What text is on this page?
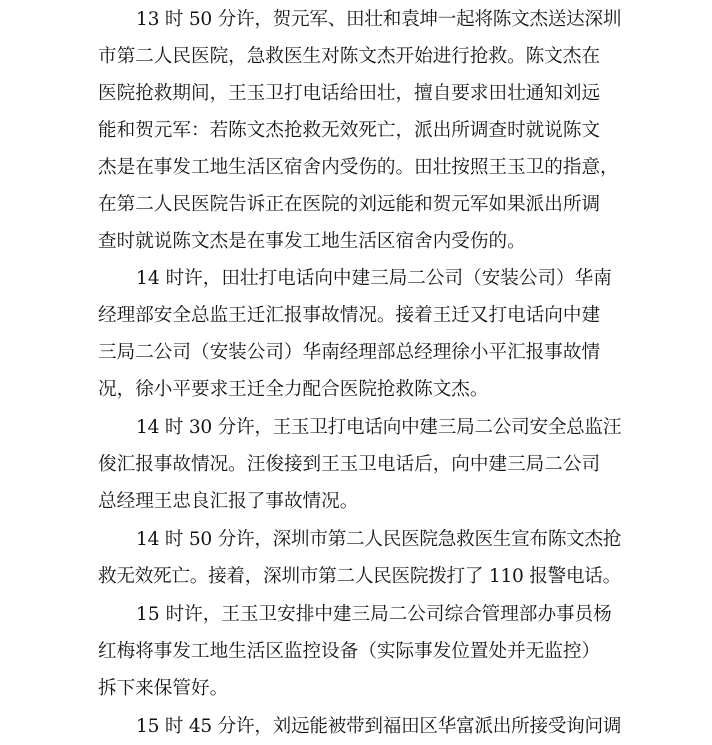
13 时 50 分许，贺元军、田壮和袁坤一起将陈文杰送达深圳
市第二人民医院，急救医生对陈文杰开始进行抢救。陈文杰在
医院抢救期间，王玉卫打电话给田壮，擅自要求田壮通知刘远
能和贺元军：若陈文杰抢救无效死亡，派出所调查时就说陈文
杰是在事发工地生活区宿舍内受伤的。田壮按照王玉卫的指意，
在第二人民医院告诉正在医院的刘远能和贺元军如果派出所调
查时就说陈文杰是在事发工地生活区宿舍内受伤的。
14 时许，田壮打电话向中建三局二公司（安装公司）华南
经理部安全总监王迁汇报事故情况。接着王迁又打电话向中建
三局二公司（安装公司）华南经理部总经理徐小平汇报事故情
况，徐小平要求王迁全力配合医院抢救陈文杰。
14 时 30 分许，王玉卫打电话向中建三局二公司安全总监汪
俊汇报事故情况。汪俊接到王玉卫电话后，向中建三局二公司
总经理王忠良汇报了事故情况。
14 时 50 分许，深圳市第二人民医院急救医生宣布陈文杰抢
救无效死亡。接着，深圳市第二人民医院拨打了 110 报警电话。
15 时许，王玉卫安排中建三局二公司综合管理部办事员杨
红梅将事发工地生活区监控设备（实际事发位置处并无监控）
拆下来保管好。
15 时 45 分许，刘远能被带到福田区华富派出所接受询问调
